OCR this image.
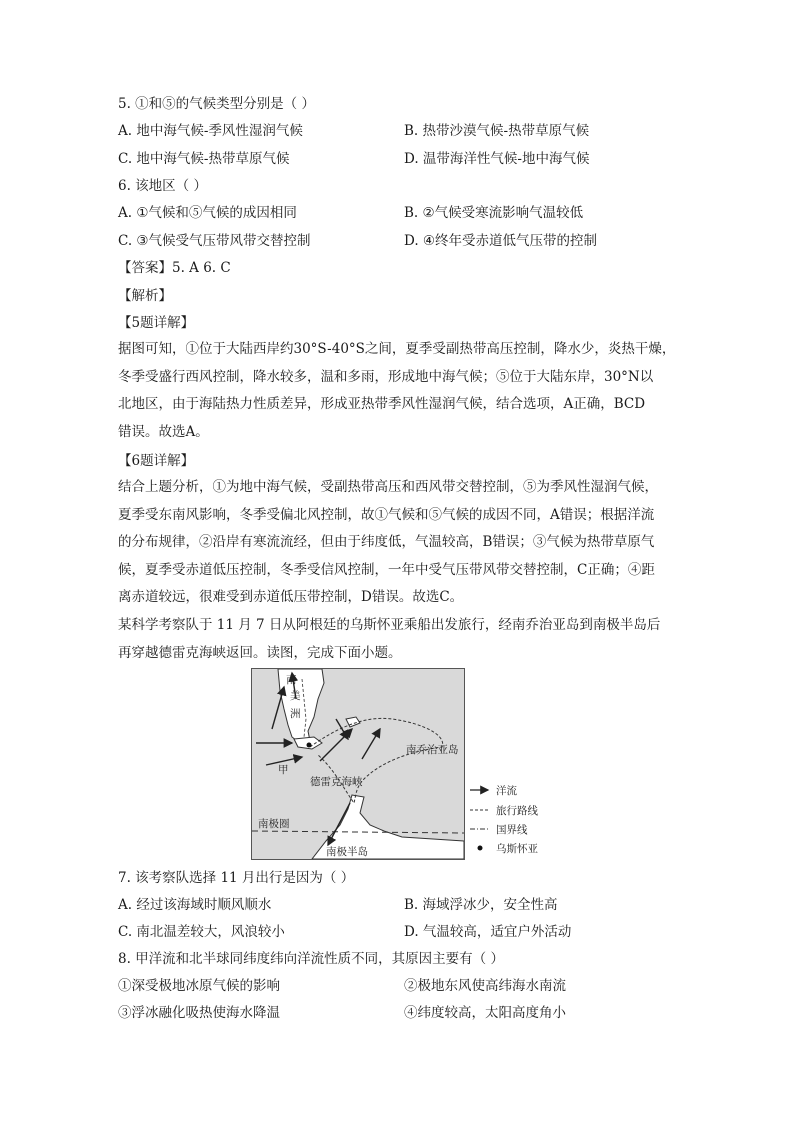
5. ①和⑤的气候类型分别是（ ）
A. 地中海气候-季风性湿润气候	B. 热带沙漠气候-热带草原气候
C. 地中海气候-热带草原气候	D. 温带海洋性气候-地中海气候
6. 该地区（ ）
A. ①气候和⑤气候的成因相同	B. ②气候受寒流影响气温较低
C. ③气候受气压带风带交替控制	D. ④终年受赤道低气压带的控制
【答案】5. A 6. C
【解析】
【5题详解】
据图可知，①位于大陆西岸约30°S-40°S之间，夏季受副热带高压控制，降水少，炎热干燥，
冬季受盛行西风控制，降水较多，温和多雨，形成地中海气候；⑤位于大陆东岸，30°N以
北地区，由于海陆热力性质差异，形成亚热带季风性湿润气候，结合选项，A正确，BCD
错误。故选A。
【6题详解】
结合上题分析，①为地中海气候，受副热带高压和西风带交替控制，⑤为季风性湿润气候，
夏季受东南风影响，冬季受偏北风控制，故①气候和⑤气候的成因不同，A错误；根据洋流
的分布规律，②沿岸有寒流流经，但由于纬度低，气温较高，B错误；③气候为热带草原气
候，夏季受赤道低压控制，冬季受信风控制，一年中受气压带风带交替控制，C正确；④距
离赤道较远，很难受到赤道低压带控制，D错误。故选C。
某科学考察队于 11 月 7 日从阿根廷的乌斯怀亚乘船出发旅行，经南乔治亚岛到南极半岛后
再穿越德雷克海峡返回。读图，完成下面小题。
南
美
洲
甲
德雷克海峡
南乔治亚岛
南极圈
南极半岛
洋流
旅行路线
国界线
乌斯怀亚
7. 该考察队选择 11 月出行是因为（ ）
A. 经过该海域时顺风顺水	B. 海域浮冰少，安全性高
C. 南北温差较大，风浪较小	D. 气温较高，适宜户外活动
8. 甲洋流和北半球同纬度纬向洋流性质不同，其原因主要有（ ）
①深受极地冰原气候的影响	②极地东风使高纬海水南流
③浮冰融化吸热使海水降温	④纬度较高，太阳高度角小
